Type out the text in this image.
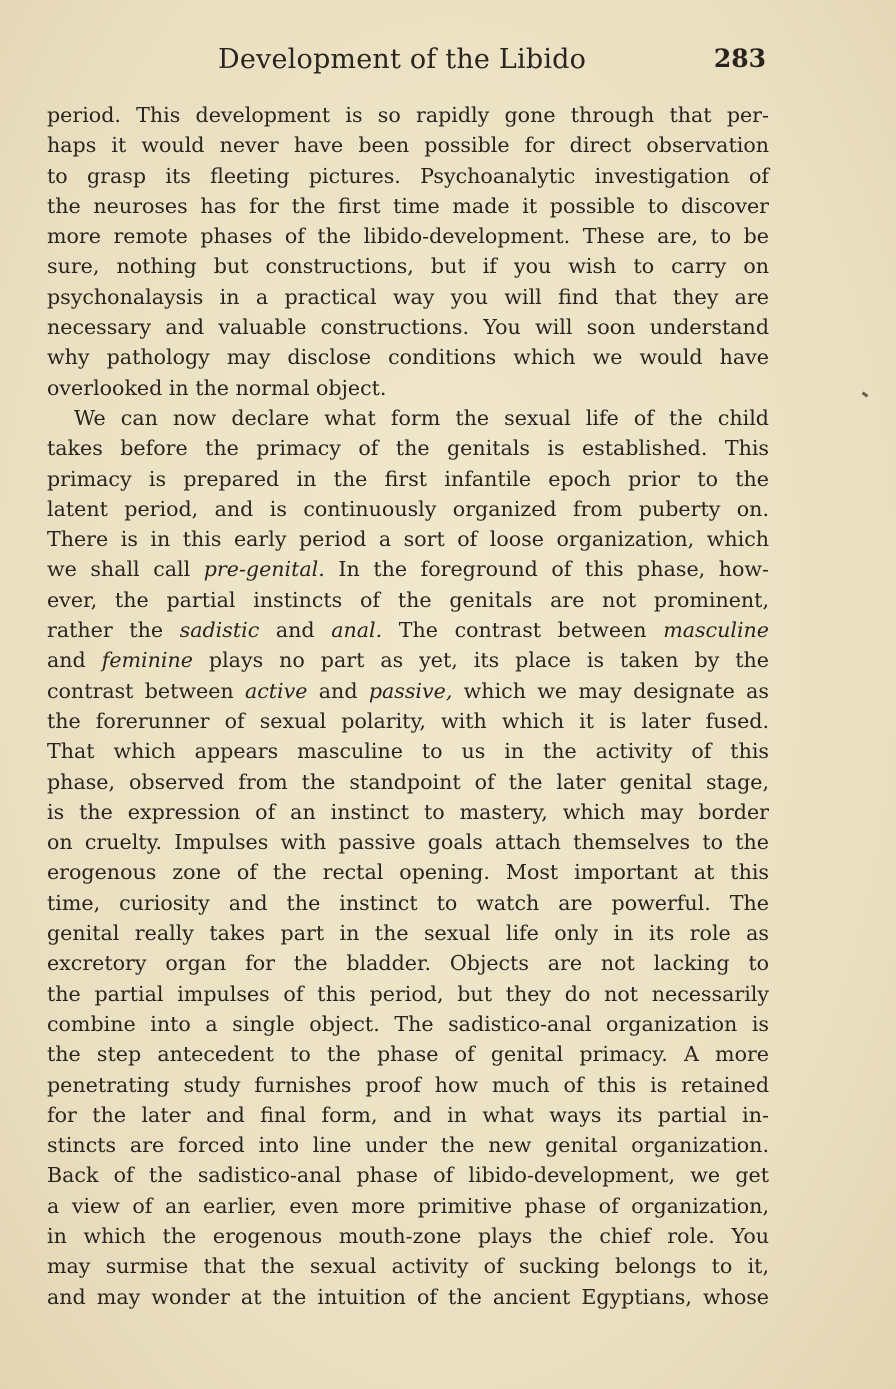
Development of the Libido	283
period. This development is so rapidly gone through that per-
haps it would never have been possible for direct observation
to grasp its fleeting pictures. Psychoanalytic investigation of
the neuroses has for the first time made it possible to discover
more remote phases of the libido-development. These are, to be
sure, nothing but constructions, but if you wish to carry on
psychonalaysis in a practical way you will find that they are
necessary and valuable constructions. You will soon understand
why pathology may disclose conditions which we would have
overlooked in the normal object.
We can now declare what form the sexual life of the child
takes before the primacy of the genitals is established. This
primacy is prepared in the first infantile epoch prior to the
latent period, and is continuously organized from puberty on.
There is in this early period a sort of loose organization, which
we shall call pre-genital. In the foreground of this phase, how-
ever, the partial instincts of the genitals are not prominent,
rather the sadistic and anal. The contrast between masculine
and feminine plays no part as yet, its place is taken by the
contrast between active and passive, which we may designate as
the forerunner of sexual polarity, with which it is later fused.
That which appears masculine to us in the activity of this
phase, observed from the standpoint of the later genital stage,
is the expression of an instinct to mastery, which may border
on cruelty. Impulses with passive goals attach themselves to the
erogenous zone of the rectal opening. Most important at this
time, curiosity and the instinct to watch are powerful. The
genital really takes part in the sexual life only in its role as
excretory organ for the bladder. Objects are not lacking to
the partial impulses of this period, but they do not necessarily
combine into a single object. The sadistico-anal organization is
the step antecedent to the phase of genital primacy. A more
penetrating study furnishes proof how much of this is retained
for the later and final form, and in what ways its partial in-
stincts are forced into line under the new genital organization.
Back of the sadistico-anal phase of libido-development, we get
a view of an earlier, even more primitive phase of organization,
in which the erogenous mouth-zone plays the chief role. You
may surmise that the sexual activity of sucking belongs to it,
and may wonder at the intuition of the ancient Egyptians, whose
